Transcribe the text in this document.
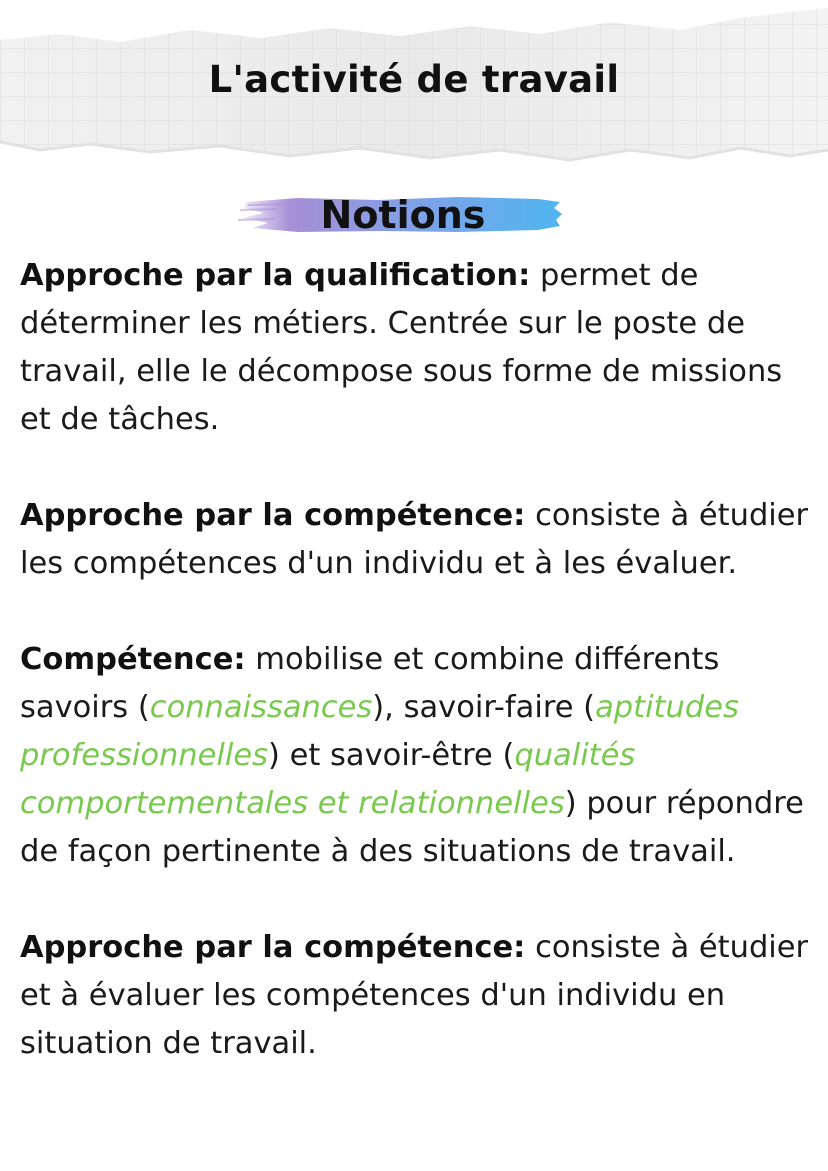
L'activité de travail
Notions

Approche par la qualification: permet de déterminer les métiers. Centrée sur le poste de travail, elle le décompose sous forme de missions et de tâches.

Approche par la compétence: consiste à étudier les compétences d'un individu et à les évaluer.

Compétence: mobilise et combine différents savoirs (connaissances), savoir-faire (aptitudes professionnelles) et savoir-être (qualités comportementales et relationnelles) pour répondre de façon pertinente à des situations de travail.

Approche par la compétence: consiste à étudier et à évaluer les compétences d'un individu en situation de travail.
